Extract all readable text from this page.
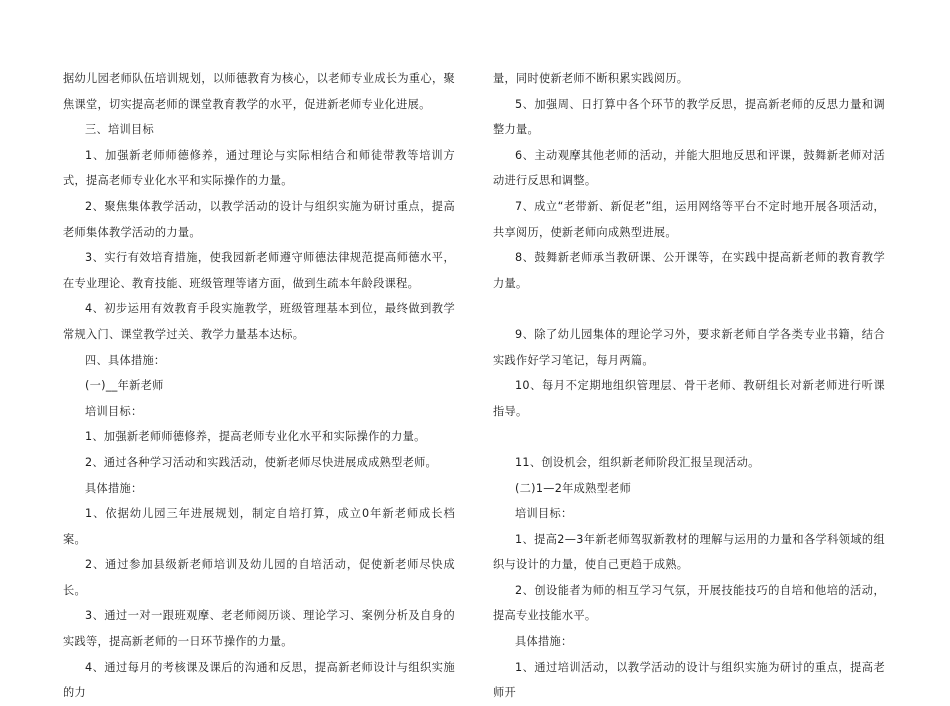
据幼儿园老师队伍培训规划，以师德教育为核心，以老师专业成长为重心，聚焦课堂，切实提高老师的课堂教育教学的水平，促进新老师专业化进展。

三、培训目标

1、加强新老师师德修养，通过理论与实际相结合和师徒带教等培训方式，提高老师专业化水平和实际操作的力量。

2、聚焦集体教学活动，以教学活动的设计与组织实施为研讨重点，提高老师集体教学活动的力量。

3、实行有效培育措施，使我园新老师遵守师德法律规范提高师德水平，在专业理论、教育技能、班级管理等诸方面，做到生疏本年龄段课程。

4、初步运用有效教育手段实施教学，班级管理基本到位，最终做到教学常规入门、课堂教学过关、教学力量基本达标。

四、具体措施：

(一)__年新老师

培训目标：

1、加强新老师师德修养，提高老师专业化水平和实际操作的力量。

2、通过各种学习活动和实践活动，使新老师尽快进展成成熟型老师。

具体措施：

1、依据幼儿园三年进展规划，制定自培打算，成立0年新老师成长档案。

2、通过参加县级新老师培训及幼儿园的自培活动，促使新老师尽快成长。

3、通过一对一跟班观摩、老老师阅历谈、理论学习、案例分析及自身的实践等，提高新老师的一日环节操作的力量。

4、通过每月的考核课及课后的沟通和反思，提高新老师设计与组织实施的力

量，同时使新老师不断积累实践阅历。

5、加强周、日打算中各个环节的教学反思，提高新老师的反思力量和调整力量。

6、主动观摩其他老师的活动，并能大胆地反思和评课，鼓舞新老师对活动进行反思和调整。

7、成立“老带新、新促老”组，运用网络等平台不定时地开展各项活动，共享阅历，使新老师向成熟型进展。

8、鼓舞新老师承当教研课、公开课等，在实践中提高新老师的教育教学力量。

9、除了幼儿园集体的理论学习外，要求新老师自学各类专业书籍，结合实践作好学习笔记，每月两篇。

10、每月不定期地组织管理层、骨干老师、教研组长对新老师进行听课指导。

11、创设机会，组织新老师阶段汇报呈现活动。

(二)1—2年成熟型老师

培训目标：

1、提高2—3年新老师驾驭新教材的理解与运用的力量和各学科领域的组织与设计的力量，使自己更趋于成熟。

2、创设能者为师的相互学习气氛，开展技能技巧的自培和他培的活动，提高专业技能水平。

具体措施：

1、通过培训活动，以教学活动的设计与组织实施为研讨的重点，提高老师开
